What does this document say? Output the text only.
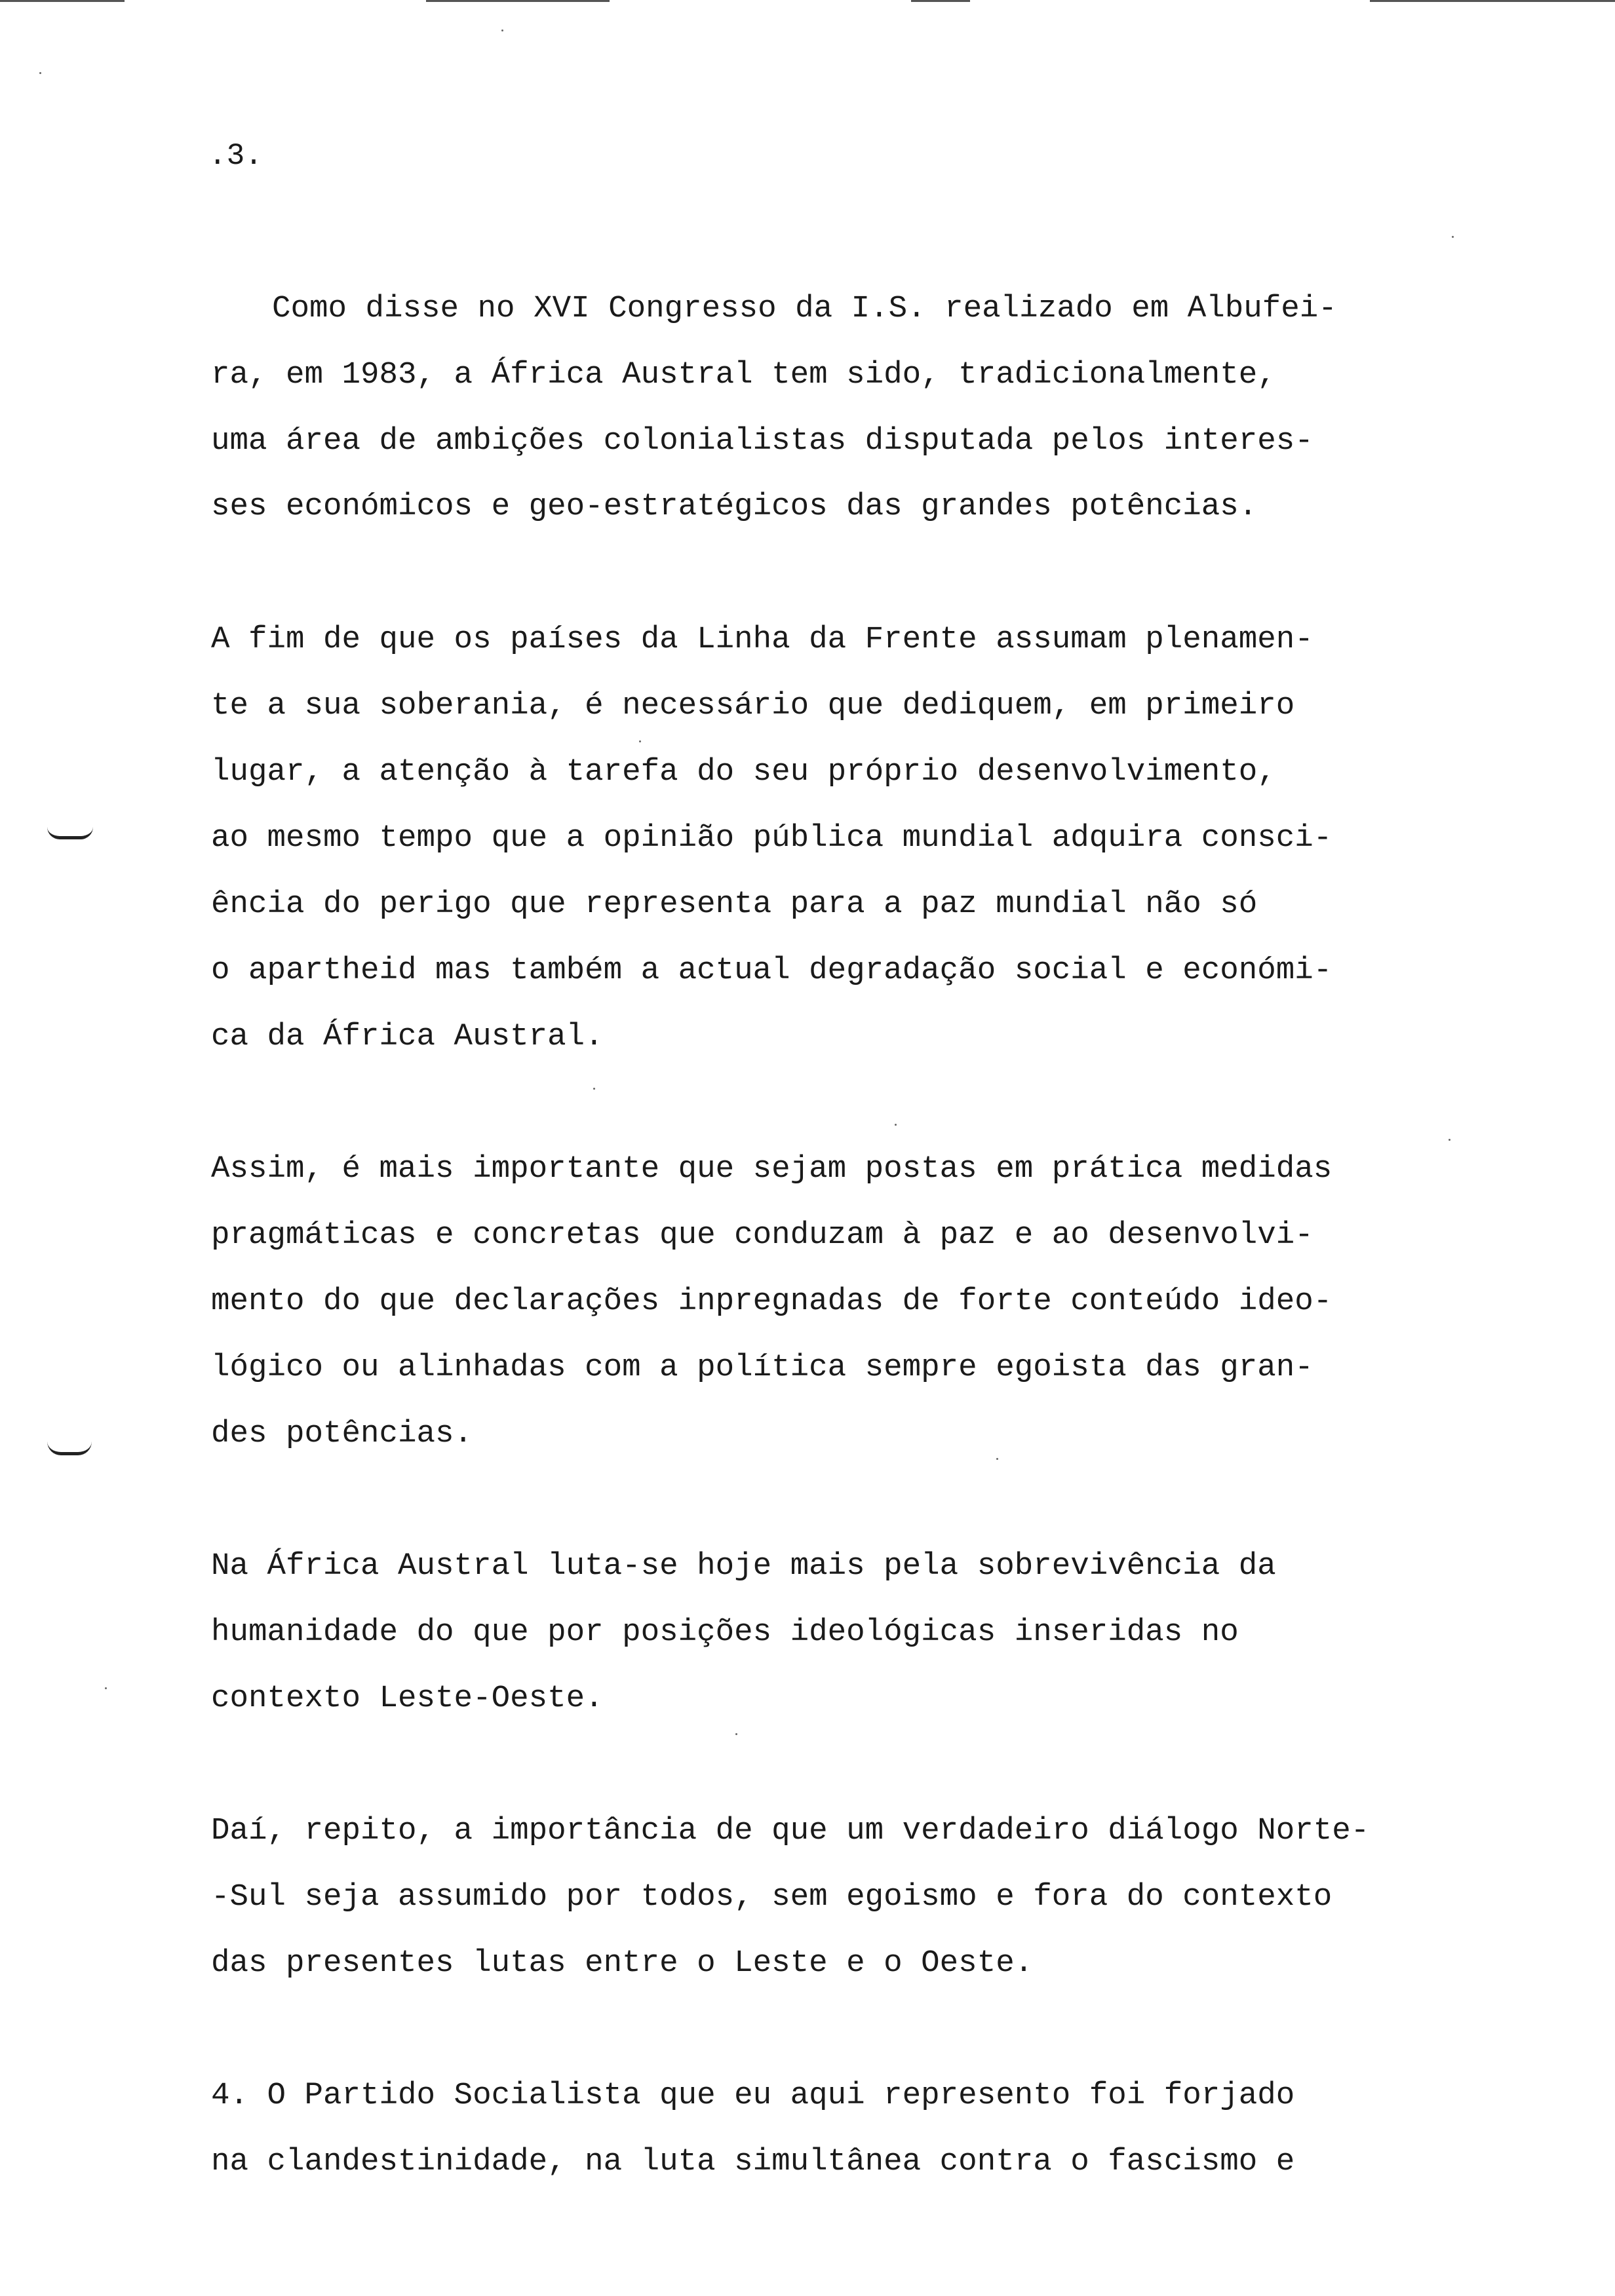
.3.
Como disse no XVI Congresso da I.S. realizado em Albufei-
ra, em 1983, a África Austral tem sido, tradicionalmente,
uma área de ambições colonialistas disputada pelos interes-
ses económicos e geo-estratégicos das grandes potências.
A fim de que os países da Linha da Frente assumam plenamen-
te a sua soberania, é necessário que dediquem, em primeiro
lugar, a atenção à tarefa do seu próprio desenvolvimento,
ao mesmo tempo que a opinião pública mundial adquira consci-
ência do perigo que representa para a paz mundial não só
o apartheid mas também a actual degradação social e económi-
ca da África Austral.
Assim, é mais importante que sejam postas em prática medidas
pragmáticas e concretas que conduzam à paz e ao desenvolvi-
mento do que declarações inpregnadas de forte conteúdo ideo-
lógico ou alinhadas com a política sempre egoista das gran-
des potências.
Na África Austral luta-se hoje mais pela sobrevivência da
humanidade do que por posições ideológicas inseridas no
contexto Leste-Oeste.
Daí, repito, a importância de que um verdadeiro diálogo Norte-
-Sul seja assumido por todos, sem egoismo e fora do contexto
das presentes lutas entre o Leste e o Oeste.
4. O Partido Socialista que eu aqui represento foi forjado
na clandestinidade, na luta simultânea contra o fascismo e
